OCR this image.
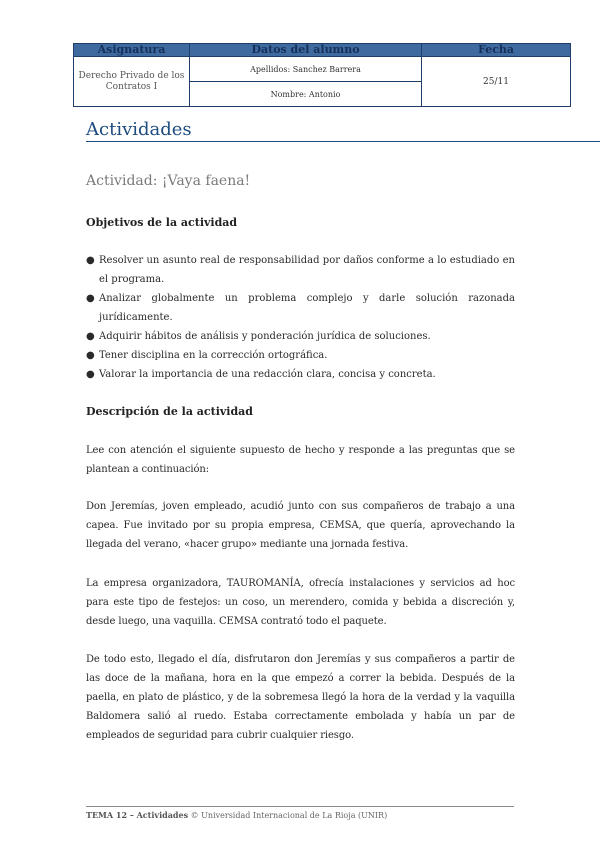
Asignatura	Datos del alumno	Fecha
Derecho Privado de los Contratos I	Apellidos: Sanchez Barrera	25/11
	Nombre: Antonio	
Actividades
Actividad: ¡Vaya faena!
Objetivos de la actividad
● Resolver un asunto real de responsabilidad por daños conforme a lo estudiado en el programa.
● Analizar globalmente un problema complejo y darle solución razonada jurídicamente.
● Adquirir hábitos de análisis y ponderación jurídica de soluciones.
● Tener disciplina en la corrección ortográfica.
● Valorar la importancia de una redacción clara, concisa y concreta.
Descripción de la actividad
Lee con atención el siguiente supuesto de hecho y responde a las preguntas que se plantean a continuación:
Don Jeremías, joven empleado, acudió junto con sus compañeros de trabajo a una capea. Fue invitado por su propia empresa, CEMSA, que quería, aprovechando la llegada del verano, «hacer grupo» mediante una jornada festiva.
La empresa organizadora, TAUROMANÍA, ofrecía instalaciones y servicios ad hoc para este tipo de festejos: un coso, un merendero, comida y bebida a discreción y, desde luego, una vaquilla. CEMSA contrató todo el paquete.
De todo esto, llegado el día, disfrutaron don Jeremías y sus compañeros a partir de las doce de la mañana, hora en la que empezó a correr la bebida. Después de la paella, en plato de plástico, y de la sobremesa llegó la hora de la verdad y la vaquilla Baldomera salió al ruedo. Estaba correctamente embolada y había un par de empleados de seguridad para cubrir cualquier riesgo.
TEMA 12 – Actividades © Universidad Internacional de La Rioja (UNIR)
